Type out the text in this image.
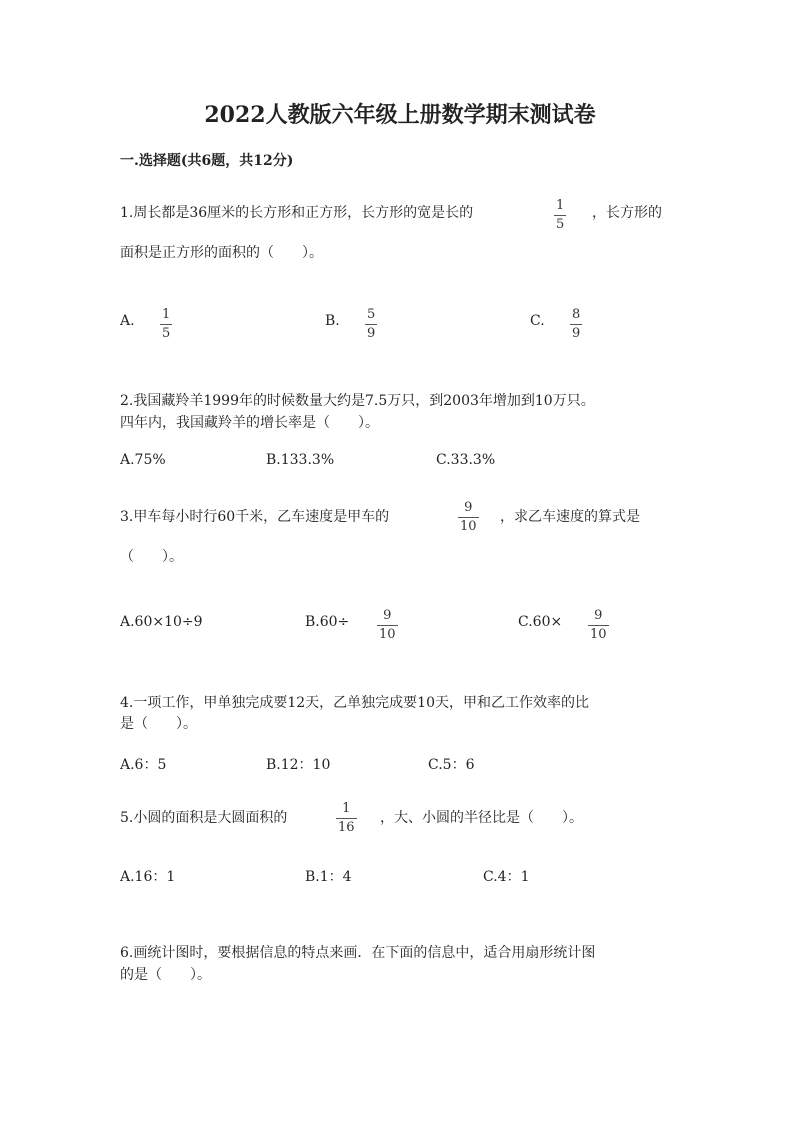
2022人教版六年级上册数学期末测试卷
一.选择题(共6题，共12分)
1.周长都是36厘米的长方形和正方形，长方形的宽是长的	1
5
，长方形的
面积是正方形的面积的（　　）。
A. 1
5
B. 5
9
C. 8
9
2.我国藏羚羊1999年的时候数量大约是7.5万只，到2003年增加到10万只。
四年内，我国藏羚羊的增长率是（　　）。
A.75%	B.133.3%	C.33.3%
3.甲车每小时行60千米，乙车速度是甲车的
9
10
，求乙车速度的算式是
（　　）。
A.60×10÷9	B.60÷	9
10
C.60× 9
10
4.一项工作，甲单独完成要12天，乙单独完成要10天，甲和乙工作效率的比
是（　　）。
A.6：5	B.12：10	C.5：6
5.小圆的面积是大圆面积的
1
16
，大、小圆的半径比是（　　）。
A.16：1	B.1：4	C.4：1
6.画统计图时，要根据信息的特点来画．在下面的信息中，适合用扇形统计图
的是（　　）。
